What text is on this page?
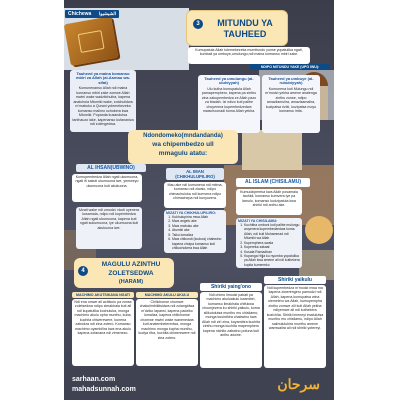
Chichewa الشيشيوا
3	MITUNDU YA
TAUHEED
Kumupatula Allah tolemekezeka mumitundu yonse yopatulika ngati, kumbali ya umbuye,umulungu,ndi maina komanso mbiri zake.
NDIPO MITUNDU YAKE (UPO IWU):
Tauheed ya maina komanso mbiri za Allah (al-Asmau wa-sifat)
Kumunenanso Allah ndi maina komanso mbiri zake zomwe Allah mwini wake wadzitchulira, kapena anatchula Mtumiki wake, zotchulidwa m'mabuku a Qurani yolemekezeka komanso malimo ochokera kwa Mtumiki. Popanda kusandutsa tanthauzo lake, kapenanso kufananiza ndi zolengedwa.
Tauheed ya umulungu (al-uluhiyyah)
Ulu kutha kumupatula Allah pamapemphero, kapena pa zinthu zina zakupembedza ze Allah pazo za ibadah. Izi ndizo kuti palibe choyenera kupembedzedwa mwachoonadi koma Allah yekha.
Tauheed ya umbuye (al-rububiyyah)
Kumunena kuti Mulungu ndi m'modzi yekha amene analenga zinthu zonse, ndipo amazilamulira, amazisamalira, kuzipatsa riziki, kuzipatsa moyo komanso imfa.
Ndondomeko(mndandanda)
wa chipembedzo ull
mmagulu atatu:
AL IHSAN(UBWINO)
Kumupembedza Allah ngati ukumuona, ngati iti sakuti ukumuona iwe, yemweyo ukumuona kuti akukuona.
Mzati wake ndi umodzi: nkuti uyenera kusamala, ndipo ndi kupembedza Allah ngati ukumuona, kapena kuti ngati sukumuona, iye ukumuona kuti akukuona iwe.
AL IMAN (CHIKHULUPILIRO)
Mau ake ndi kumunena ndi mtima, komanso ndi ziwalo, ndipo chimachuluka ndi kumvera ndipo chimachepa ndi kunyozera.
MIZATI YA CHIKHULUPILIRO:
1. Kukhulupirira mwa Allah
2. Mwa angelo ake
3. Mwa mabuku ake
4. Atumiki ake
5. Tsiku lomaliza
6. Mwa chikondi (kudura) chabwino kapena choipa komanso kuti chikuchokera kwa Allah
AL ISLAM (CHISILAMU)
Kumudzipereka kwa Allah posamala tauhidi, komanso kumvera iye pa lamulo, komanso kudzipatula kwa shiriki ndi anthu ake.
MIZATI YA CHISILAMU:
1. Kuchitira umboni kuti palibe mulungu woyenera kupembedzedwa koma Allah, ndi kuti Muhammad ndi Mtumiki wa Allah
2. Kupemphera swala
3. Kupereka zakaat
4. Kusala Ramadhan
5. Kupanga Hijja ku nyumba yopatulika ya Allah kwa amene ali ndi kuthekera kopita kumeneko
4
MAGULU AZINTHU
ZOLETSEDWA
(HARAM)
MACHIMO AKUTSIKANA NGATI
Ndi ena omwe ali achikulu pa zonse zoletsedwa ndipo zimakhala kuti ali ndi kupatulika kochuluka, monga machimo akulu opha munthu, kuba, kuchita chiwerewere, kunena zabodza ndi zina zotero. Komanso machimo oyambilira kwa ena akulu kapena zofanana ndi zimenezo.
MACHIMO AKULU AKULU
Chilichonse chomwe chakulimbikitsidwa ndi zolangidwa m'dziko lapansi, kapena padziko lomaliza, kapena chilichonse chomwe mwini wake wanenedwa kuti anatembeleredwa, monga machimo monga kupha munthu, kudya riba, kuchita chiwerewere ndi zina zotero.
Shiriki yaing'ono
Ndi chimo limodzi pakati pa machimo akuluakulu kwambiri, komanso limakhala chifukwa choonjezera ku shiriki yaikulu, koma silikutulutsa munthu mu chisilamu; monga kusinthira chabwino kwa Allah ndi ziri zina, kuyambira kuchita zinthu monga kuchita mapemphero kapena ntchito zabwino pofuna kuti anthu awone.
Shiriki yaikulu
Ndi kupembedza m'modzi mwa ma kapena ziwerengero pamodzi ndi Allah, kapena kumupatsa wina ulemelero wa Allah, kumupempha zinthu zomwe zili kuti Allah yekha ndiyemwe ali ndi kuthekera kozichita. Shiriki imeneyi imatulutsa munthu mu chisilamu, ndipo Allah sakhululukira munthu amene wamwalira ali ndi shiriki yotereyi.
sarhaan.com
mahadsunnah.com	سرحان
